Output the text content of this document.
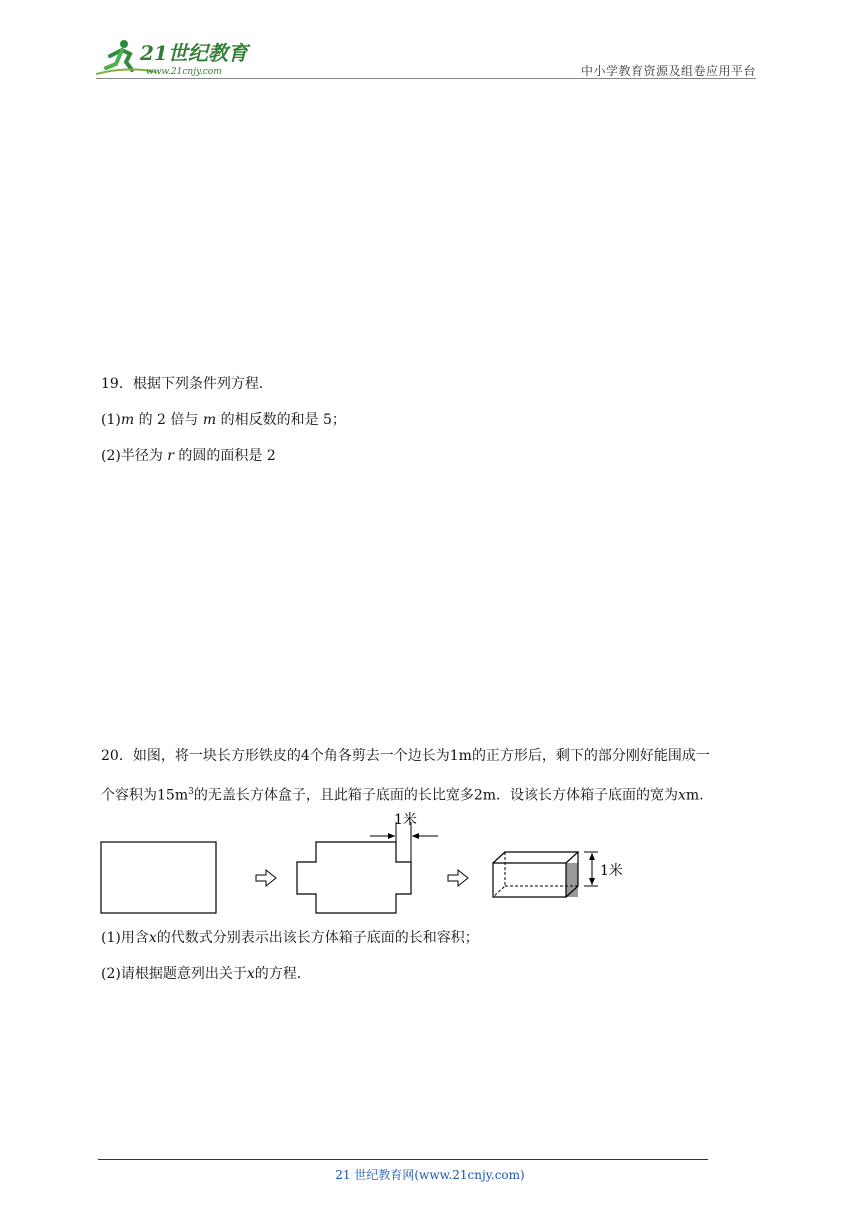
21世纪教育
www.21cnjy.com	中小学教育资源及组卷应用平台
19．根据下列条件列方程．
(1)m 的 2 倍与 m 的相反数的和是 5；
(2)半径为 r 的圆的面积是 2
20．如图，将一块长方形铁皮的4个角各剪去一个边长为1m的正方形后，剩下的部分刚好能围成一
个容积为$15m^3$的无盖长方体盒子，且此箱子底面的长比宽多2m．设该长方体箱子底面的宽为xm．
1米
1米
(1)用含x的代数式分别表示出该长方体箱子底面的长和容积；
(2)请根据题意列出关于x的方程．
21 世纪教育网(www.21cnjy.com)
